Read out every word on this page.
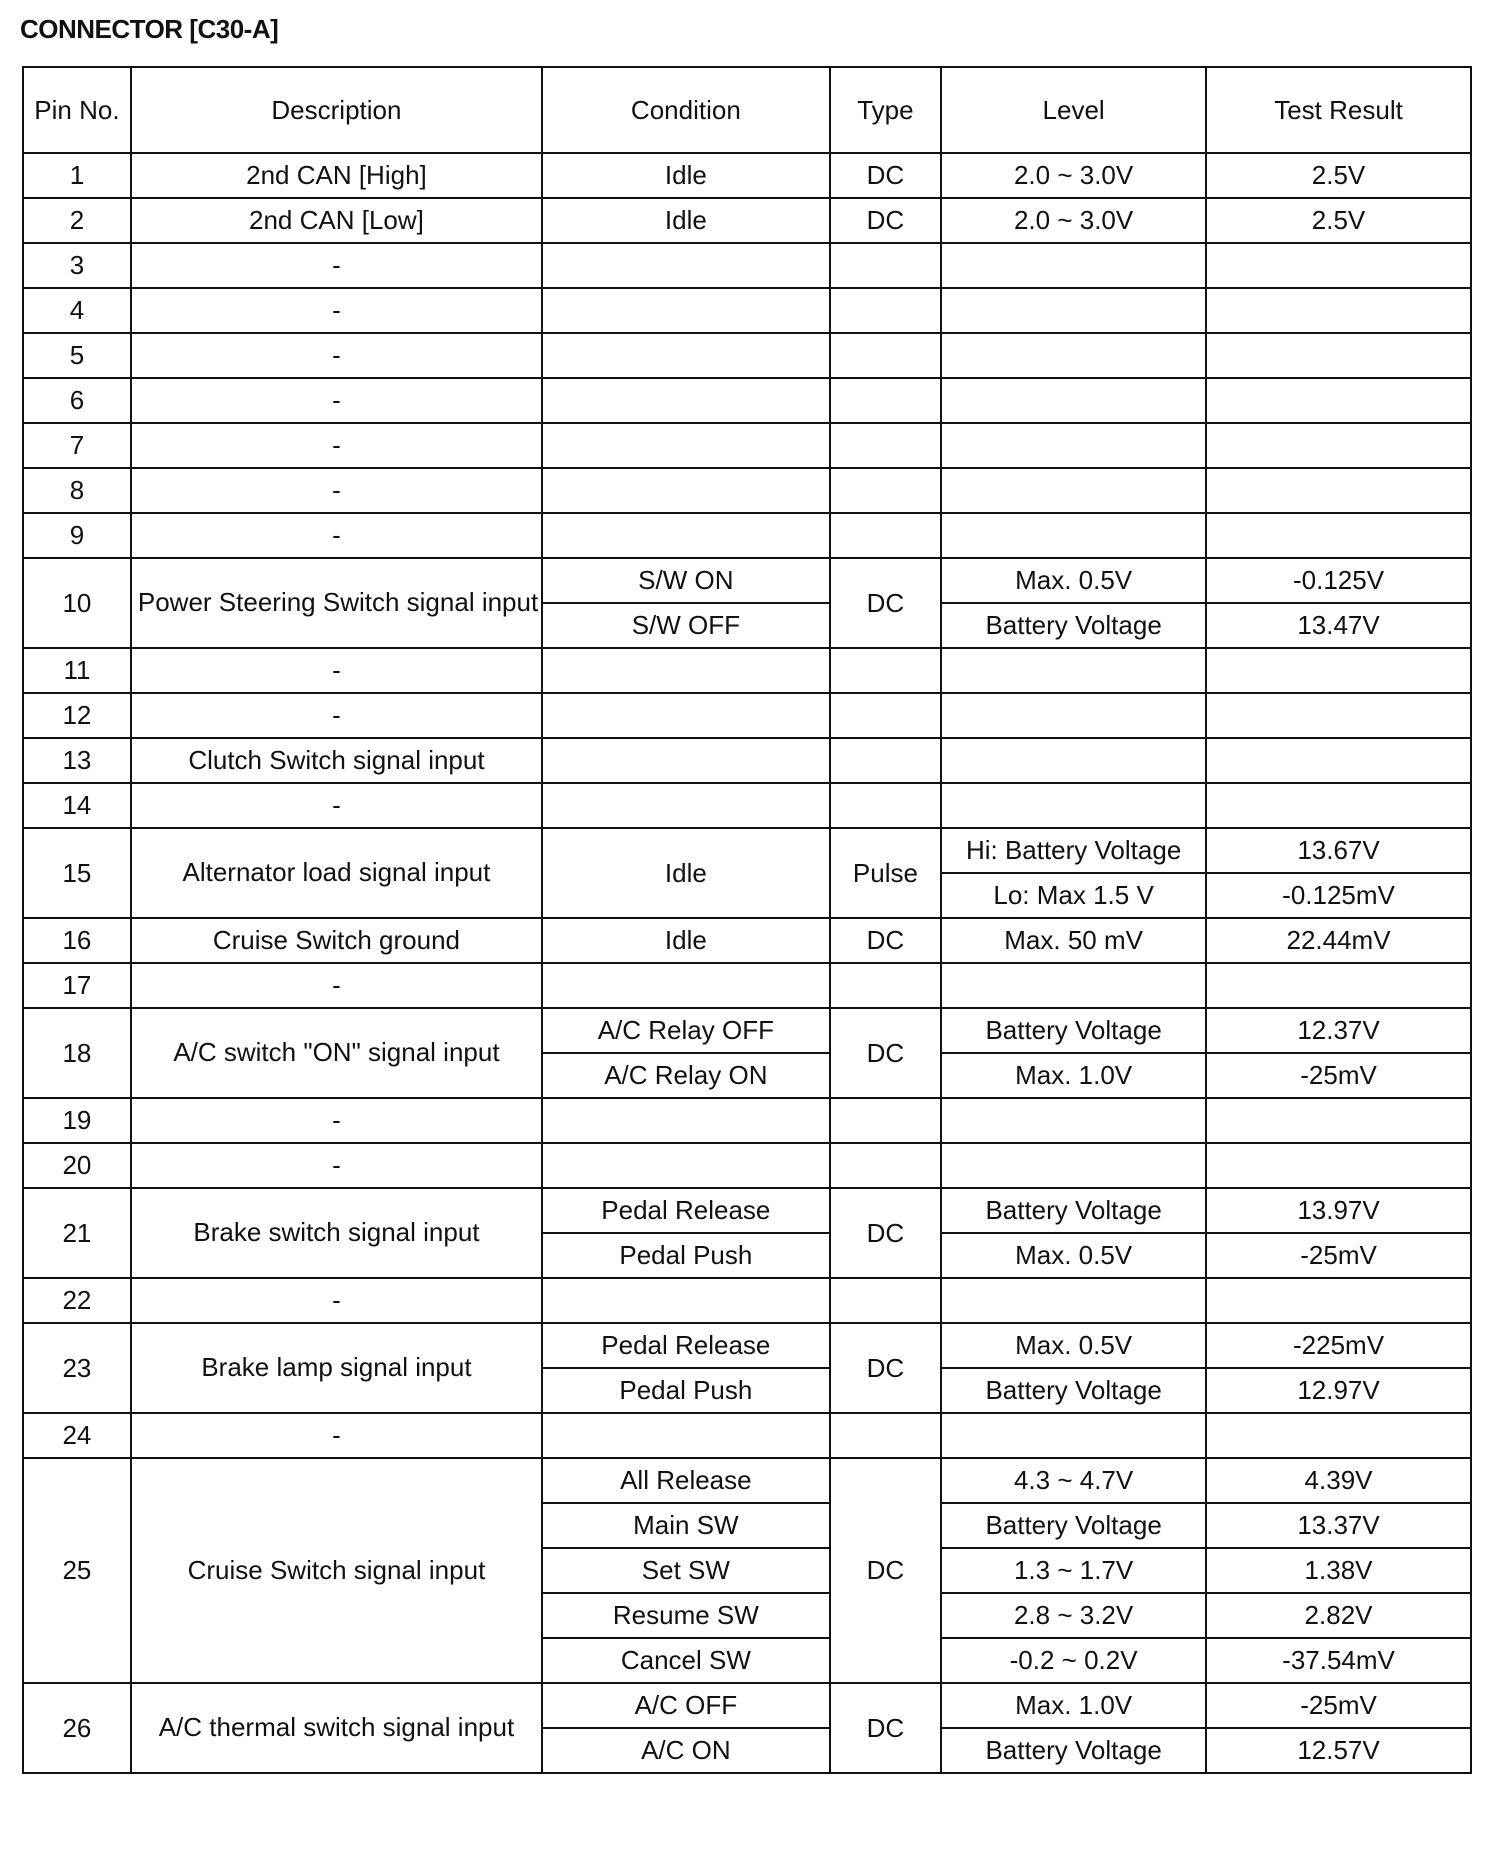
CONNECTOR [C30-A]
Pin No.	Description	Condition	Type	Level	Test Result
1	2nd CAN [High]	Idle	DC	2.0 ~ 3.0V	2.5V
2	2nd CAN [Low]	Idle	DC	2.0 ~ 3.0V	2.5V
3	-				
4	-				
5	-				
6	-				
7	-				
8	-				
9	-				
10	Power Steering Switch signal input	S/W ON	DC	Max. 0.5V	-0.125V
		S/W OFF		Battery Voltage	13.47V
11	-				
12	-				
13	Clutch Switch signal input				
14	-				
15	Alternator load signal input	Idle	Pulse	Hi: Battery Voltage	13.67V
				Lo: Max 1.5 V	-0.125mV
16	Cruise Switch ground	Idle	DC	Max. 50 mV	22.44mV
17	-				
18	A/C switch "ON" signal input	A/C Relay OFF	DC	Battery Voltage	12.37V
		A/C Relay ON		Max. 1.0V	-25mV
19	-				
20	-				
21	Brake switch signal input	Pedal Release	DC	Battery Voltage	13.97V
		Pedal Push		Max. 0.5V	-25mV
22	-				
23	Brake lamp signal input	Pedal Release	DC	Max. 0.5V	-225mV
		Pedal Push		Battery Voltage	12.97V
24	-				
25	Cruise Switch signal input	All Release	DC	4.3 ~ 4.7V	4.39V
		Main SW		Battery Voltage	13.37V
		Set SW		1.3 ~ 1.7V	1.38V
		Resume SW		2.8 ~ 3.2V	2.82V
		Cancel SW		-0.2 ~ 0.2V	-37.54mV
26	A/C thermal switch signal input	A/C OFF	DC	Max. 1.0V	-25mV
		A/C ON		Battery Voltage	12.57V
